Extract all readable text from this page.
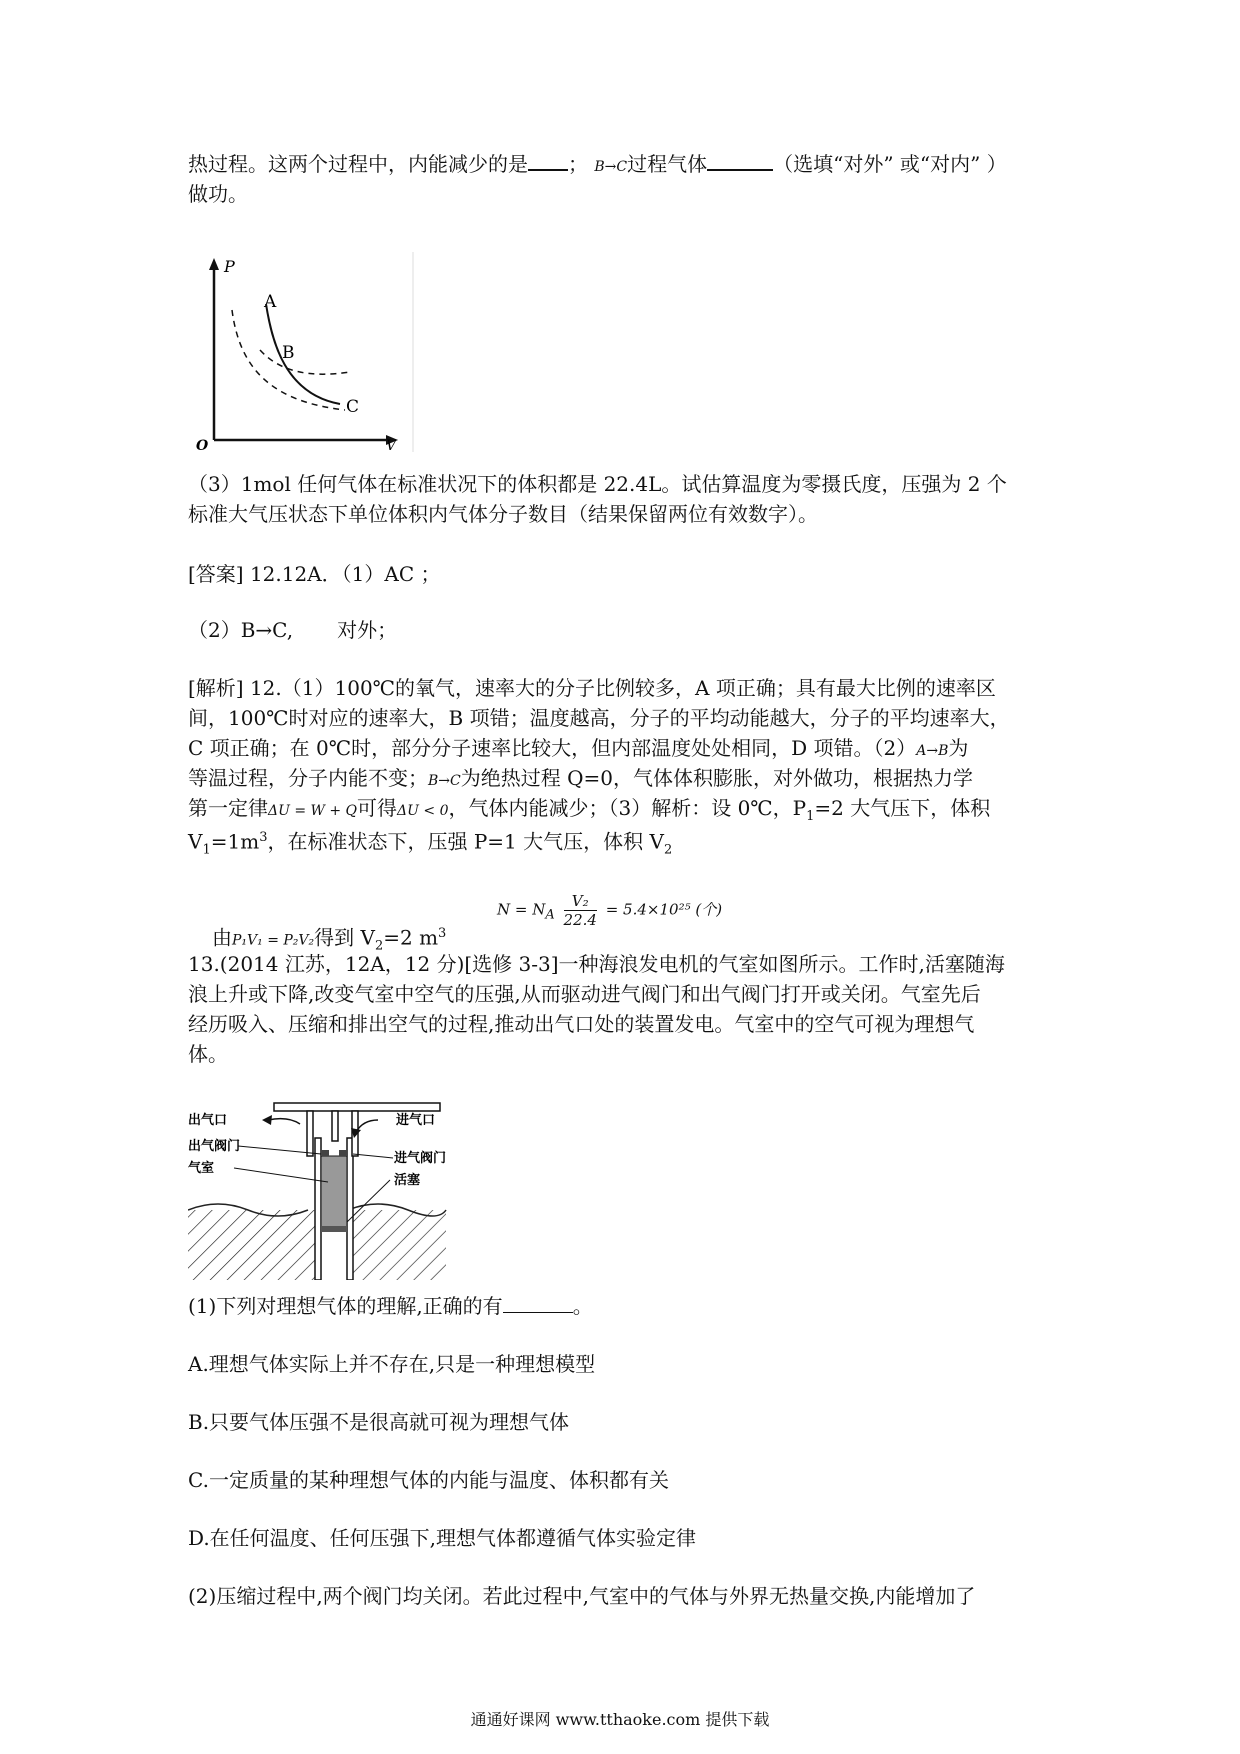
热过程。这两个过程中，内能减少的是 ； B→C过程气体	（选填“对外” 或“对内” ）
做功。
P
A
B
C
O	V
（3）1mol 任何气体在标准状况下的体积都是 22.4L。试估算温度为零摄氏度，压强为 2 个
标准大气压状态下单位体积内气体分子数目（结果保留两位有效数字）。
[答案] 12.12A．（1）AC ；
（2）B→C, 对外；
[解析] 12.（1）100℃的氧气，速率大的分子比例较多，A 项正确；具有最大比例的速率区
间，100℃时对应的速率大，B 项错；温度越高，分子的平均动能越大，分子的平均速率大，
C 项正确；在 0℃时，部分分子速率比较大，但内部温度处处相同，D 项错。（2）A→B为
等温过程，分子内能不变；B→C为绝热过程 Q=0，气体体积膨胀，对外做功，根据热力学
第一定律ΔU = W + Q可得ΔU < 0，气体内能减少；（3）解析：设 0℃，$P_1=2$ 大气压下，体积
$V_1=1m^3$，在标准状态下，压强 P=1 大气压，体积 $V_2$
$N = N_A \frac{\text{V₂}}{22.4} = 5.4\times 10^{25}$ (个)
由P₁V₁ = P₂V₂得到 $V_2=2$ $m^3$
13.(2014 江苏，12A，12 分)[选修 3-3]一种海浪发电机的气室如图所示。工作时,活塞随海
浪上升或下降,改变气室中空气的压强,从而驱动进气阀门和出气阀门打开或关闭。气室先后
经历吸入、压缩和排出空气的过程,推动出气口处的装置发电。气室中的空气可视为理想气
体。
出气口	进气口
出气阀门
进气阀门
气室
活塞
(1)下列对理想气体的理解,正确的有	。
A.理想气体实际上并不存在,只是一种理想模型
B.只要气体压强不是很高就可视为理想气体
C.一定质量的某种理想气体的内能与温度、体积都有关
D.在任何温度、任何压强下,理想气体都遵循气体实验定律
(2)压缩过程中,两个阀门均关闭。若此过程中,气室中的气体与外界无热量交换,内能增加了
通通好课网 www.tthaoke.com 提供下载
